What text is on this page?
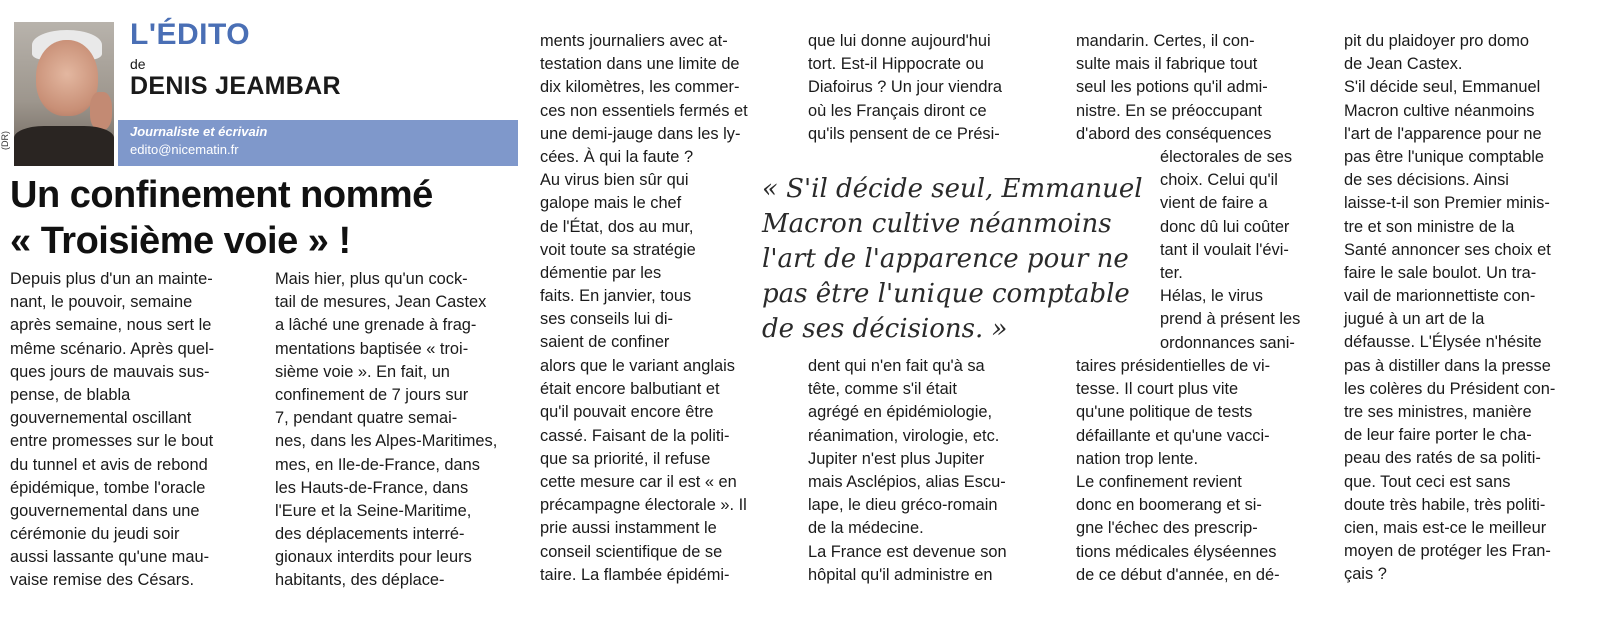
(DR)
L'ÉDITO
de
DENIS JEAMBAR
Journaliste et écrivain
edito@nicematin.fr
Un confinement nommé
« Troisième voie » !
Depuis plus d'un an mainte-
nant, le pouvoir, semaine
après semaine, nous sert le
même scénario. Après quel-
ques jours de mauvais sus-
pense, de blabla
gouvernemental oscillant
entre promesses sur le bout
du tunnel et avis de rebond
épidémique, tombe l'oracle
gouvernemental dans une
cérémonie du jeudi soir
aussi lassante qu'une mau-
vaise remise des Césars.
Mais hier, plus qu'un cock-
tail de mesures, Jean Castex
a lâché une grenade à frag-
mentations baptisée « troi-
sième voie ». En fait, un
confinement de 7 jours sur
7, pendant quatre semai-
nes, dans les Alpes-Maritimes,
mes, en Ile-de-France, dans
les Hauts-de-France, dans
l'Eure et la Seine-Maritime,
des déplacements interré-
gionaux interdits pour leurs
habitants, des déplace-
ments journaliers avec at-
testation dans une limite de
dix kilomètres, les commer-
ces non essentiels fermés et
une demi-jauge dans les ly-
cées. À qui la faute ?
Au virus bien sûr qui
galope mais le chef
de l'État, dos au mur,
voit toute sa stratégie
démentie par les
faits. En janvier, tous
ses conseils lui di-
saient de confiner
alors que le variant anglais
était encore balbutiant et
qu'il pouvait encore être
cassé. Faisant de la politi-
que sa priorité, il refuse
cette mesure car il est « en
précampagne électorale ». Il
prie aussi instamment le
conseil scientifique de se
taire. La flambée épidémi-
que lui donne aujourd'hui
tort. Est-il Hippocrate ou
Diafoirus ? Un jour viendra
où les Français diront ce
qu'ils pensent de ce Prési-
dent qui n'en fait qu'à sa
tête, comme s'il était
agrégé en épidémiologie,
réanimation, virologie, etc.
Jupiter n'est plus Jupiter
mais Asclépios, alias Escu-
lape, le dieu gréco-romain
de la médecine.
La France est devenue son
hôpital qu'il administre en
mandarin. Certes, il con-
sulte mais il fabrique tout
seul les potions qu'il admi-
nistre. En se préoccupant
d'abord des conséquences
électorales de ses
choix. Celui qu'il
vient de faire a
donc dû lui coûter
tant il voulait l'évi-
ter.
Hélas, le virus
prend à présent les
ordonnances sani-
taires présidentielles de vi-
tesse. Il court plus vite
qu'une politique de tests
défaillante et qu'une vacci-
nation trop lente.
Le confinement revient
donc en boomerang et si-
gne l'échec des prescrip-
tions médicales élyséennes
de ce début d'année, en dé-
pit du plaidoyer pro domo
de Jean Castex.
S'il décide seul, Emmanuel
Macron cultive néanmoins
l'art de l'apparence pour ne
pas être l'unique comptable
de ses décisions. Ainsi
laisse-t-il son Premier minis-
tre et son ministre de la
Santé annoncer ses choix et
faire le sale boulot. Un tra-
vail de marionnettiste con-
jugué à un art de la
défausse. L'Élysée n'hésite
pas à distiller dans la presse
les colères du Président con-
tre ses ministres, manière
de leur faire porter le cha-
peau des ratés de sa politi-
que. Tout ceci est sans
doute très habile, très politi-
cien, mais est-ce le meilleur
moyen de protéger les Fran-
çais ?
« S'il décide seul, Emmanuel
Macron cultive néanmoins
l'art de l'apparence pour ne
pas être l'unique comptable
de ses décisions. »
